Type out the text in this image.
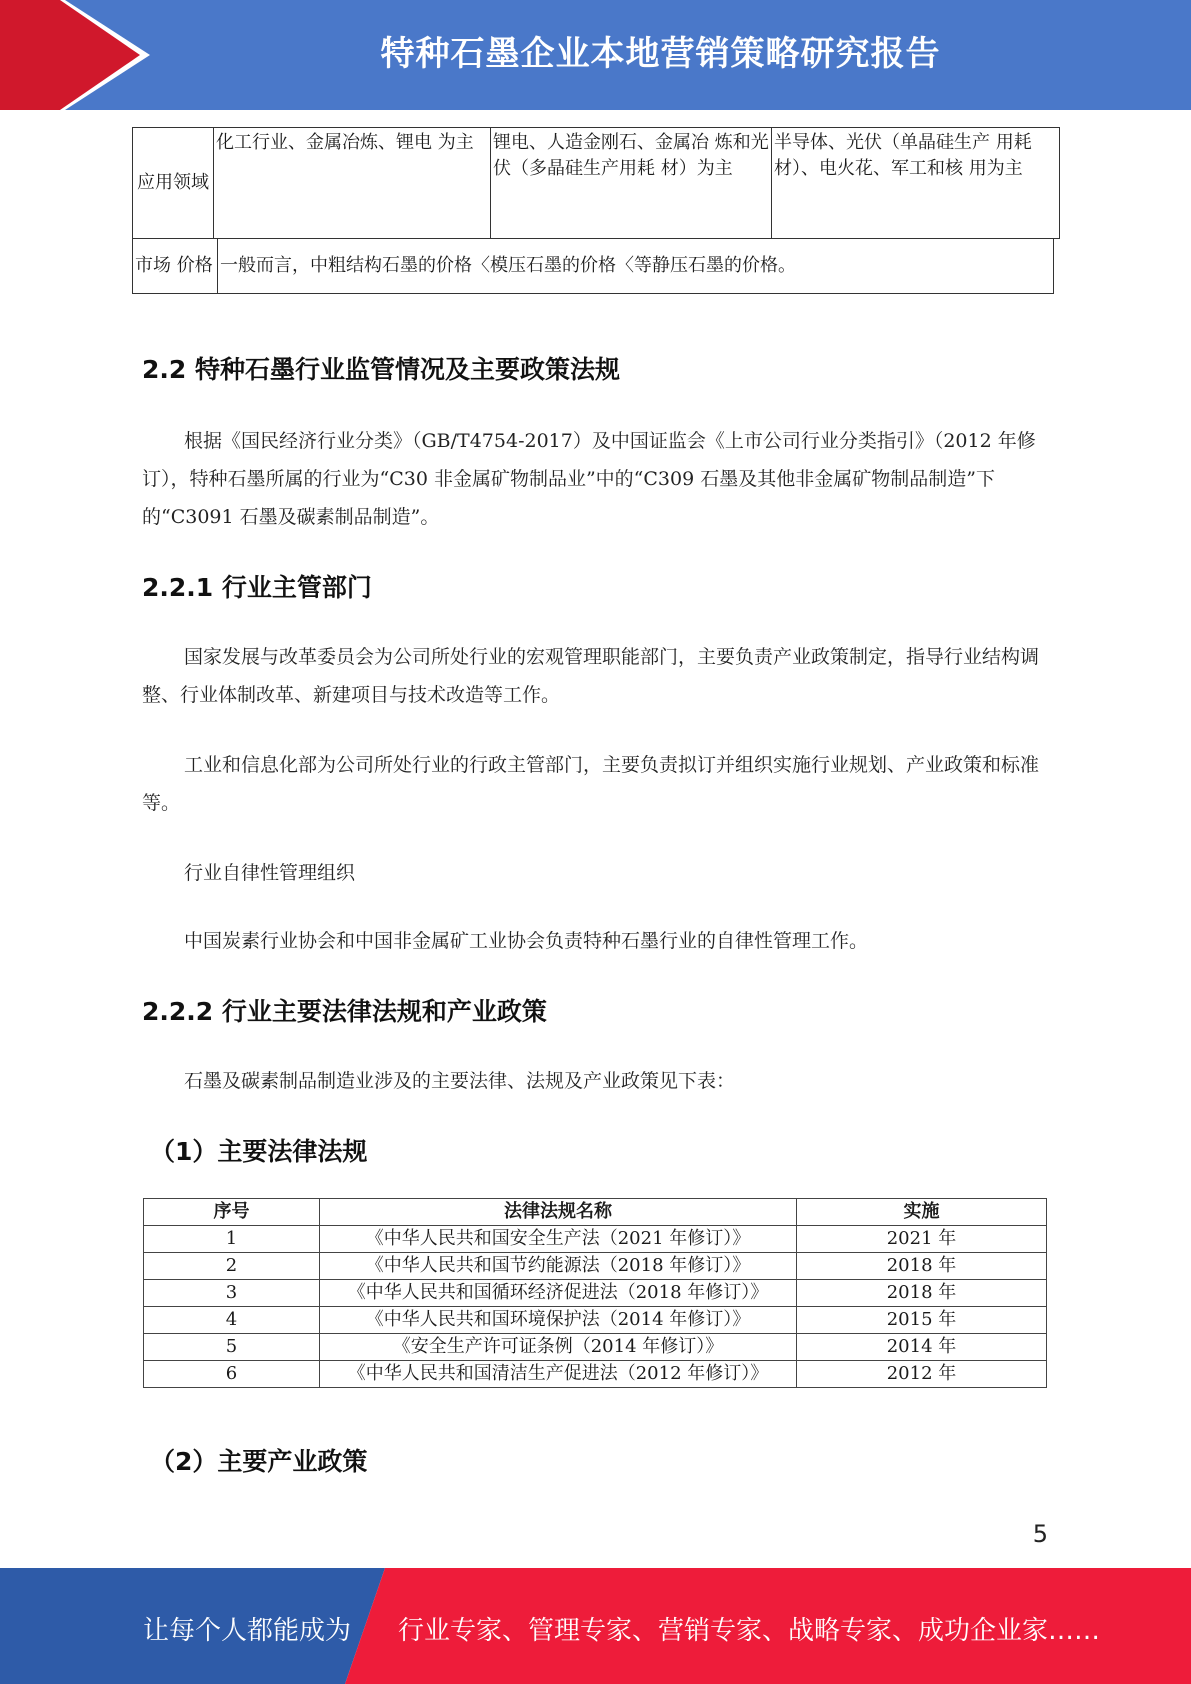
特种石墨企业本地营销策略研究报告
应用领域	化工行业、金属冶炼、锂电 为主	锂电、人造金刚石、金属冶 炼和光伏（多晶硅生产用耗 材）为主	半导体、光伏（单晶硅生产 用耗材）、电火花、军工和核 用为主
市场 价格	一般而言，中粗结构石墨的价格〈模压石墨的价格〈等静压石墨的价格。
2.2 特种石墨行业监管情况及主要政策法规
根据《国民经济行业分类》（GB/T4754-2017）及中国证监会《上市公司行业分类指引》（2012 年修订），特种石墨所属的行业为“C30 非金属矿物制品业”中的“C309 石墨及其他非金属矿物制品制造”下的“C3091 石墨及碳素制品制造”。
2.2.1 行业主管部门
国家发展与改革委员会为公司所处行业的宏观管理职能部门，主要负责产业政策制定，指导行业结构调整、行业体制改革、新建项目与技术改造等工作。
工业和信息化部为公司所处行业的行政主管部门，主要负责拟订并组织实施行业规划、产业政策和标准等。
行业自律性管理组织
中国炭素行业协会和中国非金属矿工业协会负责特种石墨行业的自律性管理工作。
2.2.2 行业主要法律法规和产业政策
石墨及碳素制品制造业涉及的主要法律、法规及产业政策见下表：
（1）主要法律法规
序号	法律法规名称	实施
1	《中华人民共和国安全生产法（2021 年修订）》	2021 年
2	《中华人民共和国节约能源法（2018 年修订）》	2018 年
3	《中华人民共和国循环经济促进法（2018 年修订）》	2018 年
4	《中华人民共和国环境保护法（2014 年修订）》	2015 年
5	《安全生产许可证条例（2014 年修订）》	2014 年
6	《中华人民共和国清洁生产促进法（2012 年修订）》	2012 年
（2）主要产业政策
5
让每个人都能成为 行业专家、管理专家、营销专家、战略专家、成功企业家……
